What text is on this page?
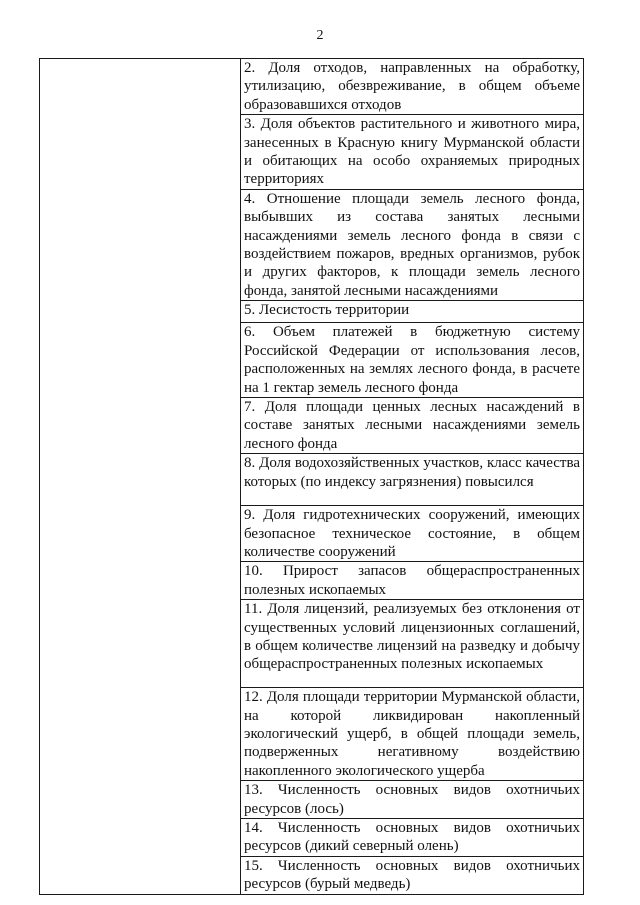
2

2. Доля отходов, направленных на обработку, утилизацию, обезвреживание, в общем объеме образовавшихся отходов

3. Доля объектов растительного и животного мира, занесенных в Красную книгу Мурманской области и обитающих на особо охраняемых природных территориях

4. Отношение площади земель лесного фонда, выбывших из состава занятых лесными насаждениями земель лесного фонда в связи с воздействием пожаров, вредных организмов, рубок и других факторов, к площади земель лесного фонда, занятой лесными насаждениями

5. Лесистость территории

6. Объем платежей в бюджетную систему Российской Федерации от использования лесов, расположенных на землях лесного фонда, в расчете на 1 гектар земель лесного фонда

7. Доля площади ценных лесных насаждений в составе занятых лесными насаждениями земель лесного фонда

8. Доля водохозяйственных участков, класс качества которых (по индексу загрязнения) повысился

9. Доля гидротехнических сооружений, имеющих безопасное техническое состояние, в общем количестве сооружений

10. Прирост запасов общераспространенных полезных ископаемых

11. Доля лицензий, реализуемых без отклонения от существенных условий лицензионных соглашений, в общем количестве лицензий на разведку и добычу общераспространенных полезных ископаемых

12. Доля площади территории Мурманской области, на которой ликвидирован накопленный экологический ущерб, в общей площади земель, подверженных негативному воздействию накопленного экологического ущерба

13. Численность основных видов охотничьих ресурсов (лось)

14. Численность основных видов охотничьих ресурсов (дикий северный олень)

15. Численность основных видов охотничьих ресурсов (бурый медведь)
